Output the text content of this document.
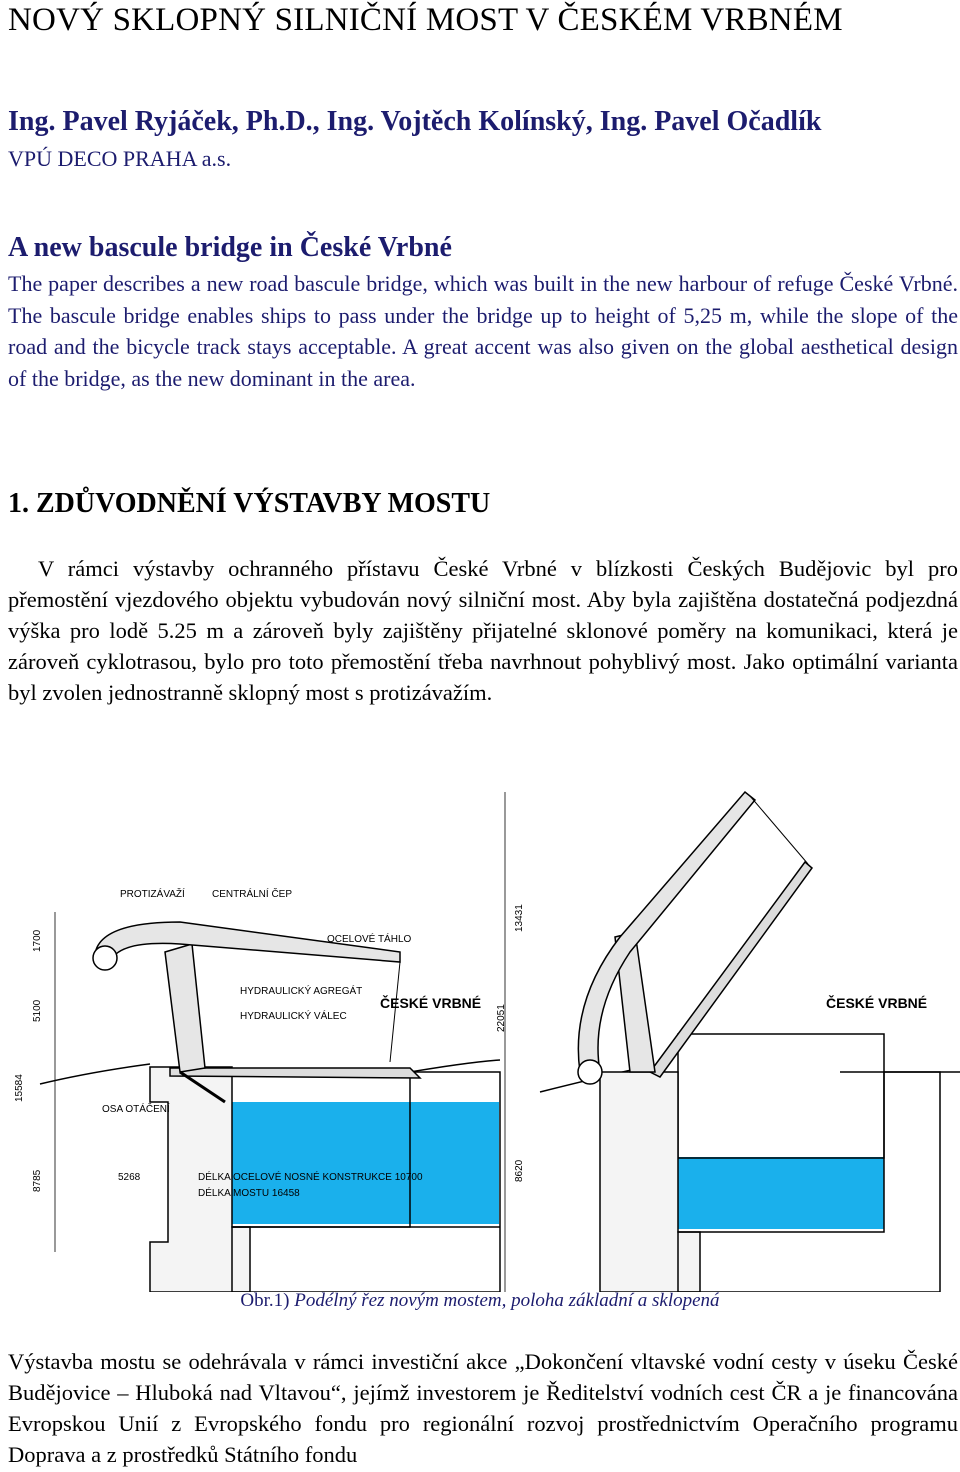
NOVÝ SKLOPNÝ SILNIČNÍ MOST V ČESKÉM VRBNÉM
Ing. Pavel Ryjáček, Ph.D., Ing. Vojtěch Kolínský, Ing. Pavel Očadlík
VPÚ DECO PRAHA a.s.
A new bascule bridge in České Vrbné
The paper describes a new road bascule bridge, which was built in the new harbour of refuge České Vrbné. The bascule bridge enables ships to pass under the bridge up to height of 5,25 m, while the slope of the road and the bicycle track stays acceptable. A great accent was also given on the global aesthetical design of the bridge, as the new dominant in the area.
1. ZDŮVODNĚNÍ VÝSTAVBY MOSTU
V rámci výstavby ochranného přístavu České Vrbné v blízkosti Českých Budějovic byl pro přemostění vjezdového objektu vybudován nový silniční most. Aby byla zajištěna dostatečná podjezdná výška pro lodě 5.25 m a zároveň byly zajištěny přijatelné sklonové poměry na komunikaci, která je zároveň cyklotrasou, bylo pro toto přemostění třeba navrhnout pohyblivý most. Jako optimální varianta byl zvolen jednostranně sklopný most s protizávažím.
1700
5100
15584
8785	5268
PROTIZÁVAŽÍ	CENTRÁLNÍ ČEP
OCELOVÉ TÁHLO
HYDRAULICKÝ AGREGÁT
HYDRAULICKÝ VÁLEC
OSA OTÁČENÍ
ČESKÉ VRBNÉ
DÉLKA OCELOVÉ NOSNÉ KONSTRUKCE 10700
DÉLKA MOSTU 16458
13431
22051
8620
ČESKÉ VRBNÉ
Obr.1) Podélný řez novým mostem, poloha základní a sklopená
Výstavba mostu se odehrávala v rámci investiční akce „Dokončení vltavské vodní cesty v úseku České Budějovice – Hluboká nad Vltavou“, jejímž investorem je Ředitelství vodních cest ČR a je financována Evropskou Unií z Evropského fondu pro regionální rozvoj prostřednictvím Operačního programu Doprava a z prostředků Státního fondu
